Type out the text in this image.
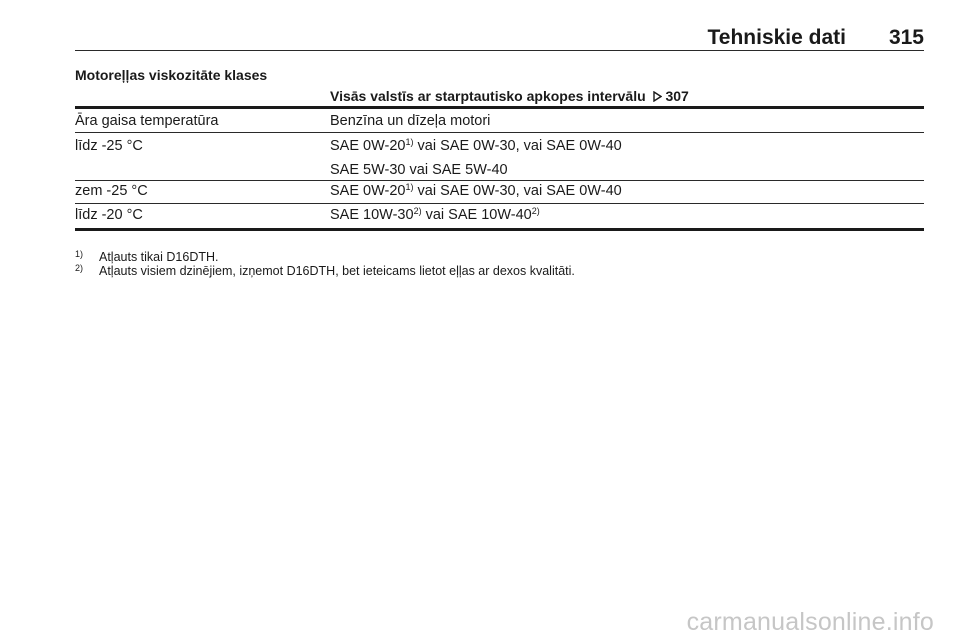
Tehniskie dati 315
Motoreļļas viskozitāte klases
Visās valstīs ar starptautisko apkopes intervālu 307
Āra gaisa temperatūra	Benzīna un dīzeļa motori
līdz -25 °C	SAE 0W-20$^{1)}$ vai SAE 0W-30, vai SAE 0W-40
SAE 5W-30 vai SAE 5W-40
zem -25 °C	SAE 0W-20$^{1)}$ vai SAE 0W-30, vai SAE 0W-40
līdz -20 °C	SAE 10W-30$^{2)}$ vai SAE 10W-40$^{2)}$
1) Atļauts tikai D16DTH.
2) Atļauts visiem dzinējiem, izņemot D16DTH, bet ieteicams lietot eļļas ar dexos kvalitāti.
carmanualsonline.info
